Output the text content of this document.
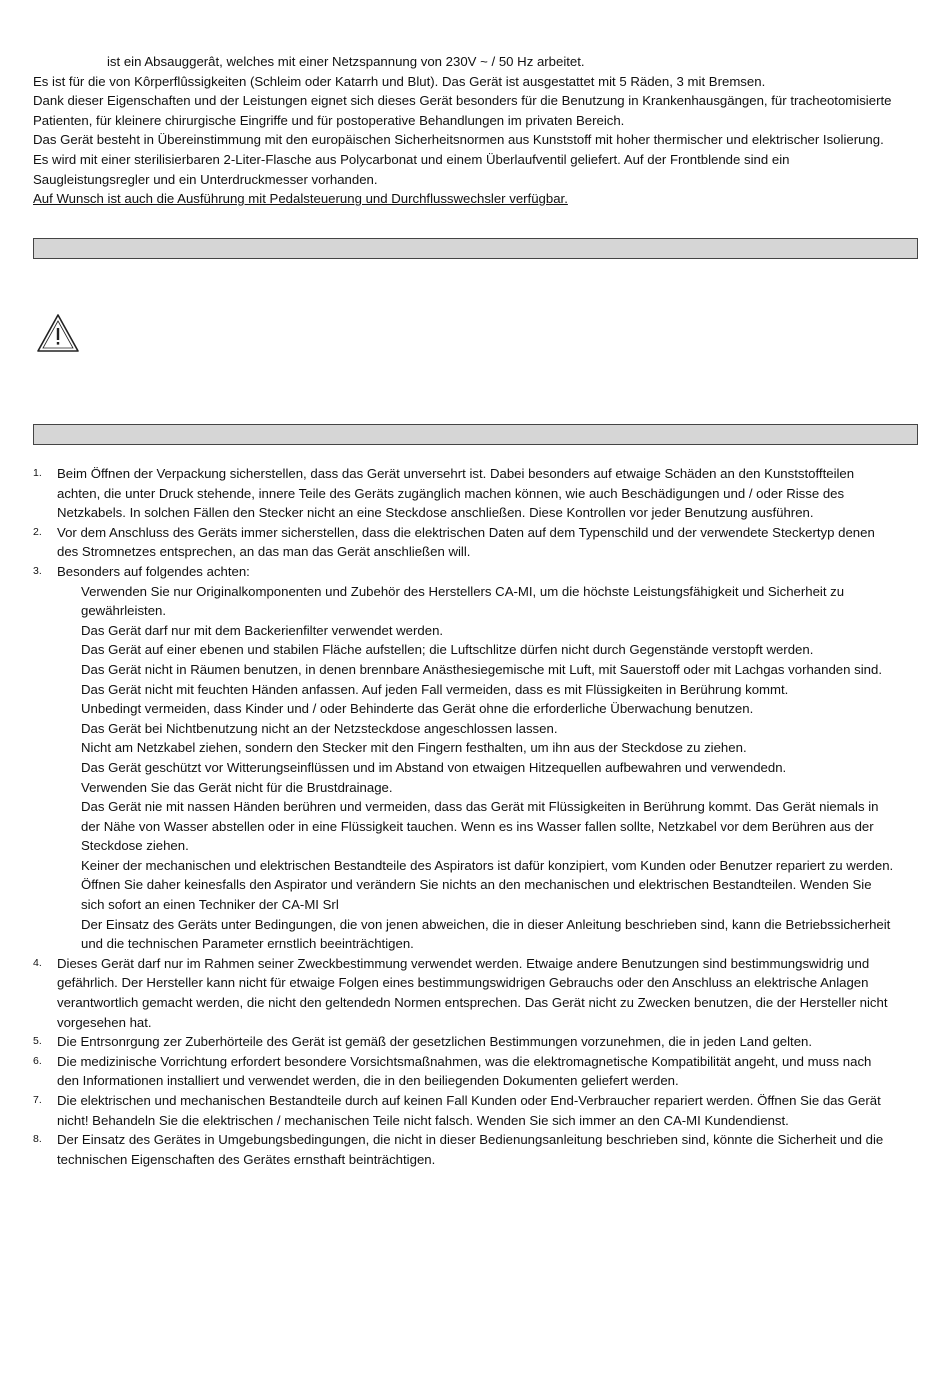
ist ein Absauggerât, welches mit einer Netzspannung von 230V ~ / 50 Hz arbeitet.
Es ist für die von Kôrperflûssigkeiten (Schleim oder Katarrh und Blut). Das Gerät ist ausgestattet mit 5 Räden, 3 mit Bremsen.
Dank dieser Eigenschaften und der Leistungen eignet sich dieses Gerät besonders für die Benutzung in Krankenhausgängen, für tracheotomisierte
Patienten, für kleinere chirurgische Eingriffe und für postoperative Behandlungen im privaten Bereich.
Das Gerät besteht in Übereinstimmung mit den europäischen Sicherheitsnormen aus Kunststoff mit hoher thermischer und elektrischer Isolierung.
Es wird mit einer sterilisierbaren 2-Liter-Flasche aus Polycarbonat und einem Überlaufventil geliefert. Auf der Frontblende sind ein
Saugleistungsregler und ein Unterdruckmesser vorhanden.
Auf Wunsch ist auch die Ausführung mit Pedalsteuerung und Durchflusswechsler verfügbar.
1. Beim Öffnen der Verpackung sicherstellen, dass das Gerät unversehrt ist. Dabei besonders auf etwaige Schäden an den Kunststoffteilen
achten, die unter Druck stehende, innere Teile des Geräts zugänglich machen können, wie auch Beschädigungen und / oder Risse des
Netzkabels. In solchen Fällen den Stecker nicht an eine Steckdose anschließen. Diese Kontrollen vor jeder Benutzung ausführen.
2. Vor dem Anschluss des Geräts immer sicherstellen, dass die elektrischen Daten auf dem Typenschild und der verwendete Steckertyp denen
des Stromnetzes entsprechen, an das man das Gerät anschließen will.
3. Besonders auf folgendes achten:
Verwenden Sie nur Originalkomponenten und Zubehör des Herstellers CA-MI, um die höchste Leistungsfähigkeit und Sicherheit zu
gewährleisten.
Das Gerät darf nur mit dem Backerienfilter verwendet werden.
Das Gerät auf einer ebenen und stabilen Fläche aufstellen; die Luftschlitze dürfen nicht durch Gegenstände verstopft werden.
Das Gerät nicht in Räumen benutzen, in denen brennbare Anästhesiegemische mit Luft, mit Sauerstoff oder mit Lachgas vorhanden sind.
Das Gerät nicht mit feuchten Händen anfassen. Auf jeden Fall vermeiden, dass es mit Flüssigkeiten in Berührung kommt.
Unbedingt vermeiden, dass Kinder und / oder Behinderte das Gerät ohne die erforderliche Überwachung benutzen.
Das Gerät bei Nichtbenutzung nicht an der Netzsteckdose angeschlossen lassen.
Nicht am Netzkabel ziehen, sondern den Stecker mit den Fingern festhalten, um ihn aus der Steckdose zu ziehen.
Das Gerät geschützt vor Witterungseinflüssen und im Abstand von etwaigen Hitzequellen aufbewahren und verwendedn.
Verwenden Sie das Gerät nicht für die Brustdrainage.
Das Gerät nie mit nassen Händen berühren und vermeiden, dass das Gerät mit Flüssigkeiten in Berührung kommt. Das Gerät niemals in
der Nähe von Wasser abstellen oder in eine Flüssigkeit tauchen. Wenn es ins Wasser fallen sollte, Netzkabel vor dem Berühren aus der
Steckdose ziehen.
Keiner der mechanischen und elektrischen Bestandteile des Aspirators ist dafür konzipiert, vom Kunden oder Benutzer repariert zu werden.
Öffnen Sie daher keinesfalls den Aspirator und verändern Sie nichts an den mechanischen und elektrischen Bestandteilen. Wenden Sie
sich sofort an einen Techniker der CA-MI Srl
Der Einsatz des Geräts unter Bedingungen, die von jenen abweichen, die in dieser Anleitung beschrieben sind, kann die Betriebssicherheit
und die technischen Parameter ernstlich beeinträchtigen.
4. Dieses Gerät darf nur im Rahmen seiner Zweckbestimmung verwendet werden. Etwaige andere Benutzungen sind bestimmungswidrig und
gefährlich. Der Hersteller kann nicht für etwaige Folgen eines bestimmungswidrigen Gebrauchs oder den Anschluss an elektrische Anlagen
verantwortlich gemacht werden, die nicht den geltendedn Normen entsprechen. Das Gerät nicht zu Zwecken benutzen, die der Hersteller nicht
vorgesehen hat.
5. Die Entrsonrgung zer Zuberhörteile des Gerät ist gemäß der gesetzlichen Bestimmungen vorzunehmen, die in jeden Land gelten.
6. Die medizinische Vorrichtung erfordert besondere Vorsichtsmaßnahmen, was die elektromagnetische Kompatibilität angeht, und muss nach
den Informationen installiert und verwendet werden, die in den beiliegenden Dokumenten geliefert werden.
7. Die elektrischen und mechanischen Bestandteile durch auf keinen Fall Kunden oder End-Verbraucher repariert werden. Öffnen Sie das Gerät
nicht! Behandeln Sie die elektrischen / mechanischen Teile nicht falsch. Wenden Sie sich immer an den CA-MI Kundendienst.
8. Der Einsatz des Gerätes in Umgebungsbedingungen, die nicht in dieser Bedienungsanleitung beschrieben sind, könnte die Sicherheit und die
technischen Eigenschaften des Gerätes ernsthaft beinträchtigen.
